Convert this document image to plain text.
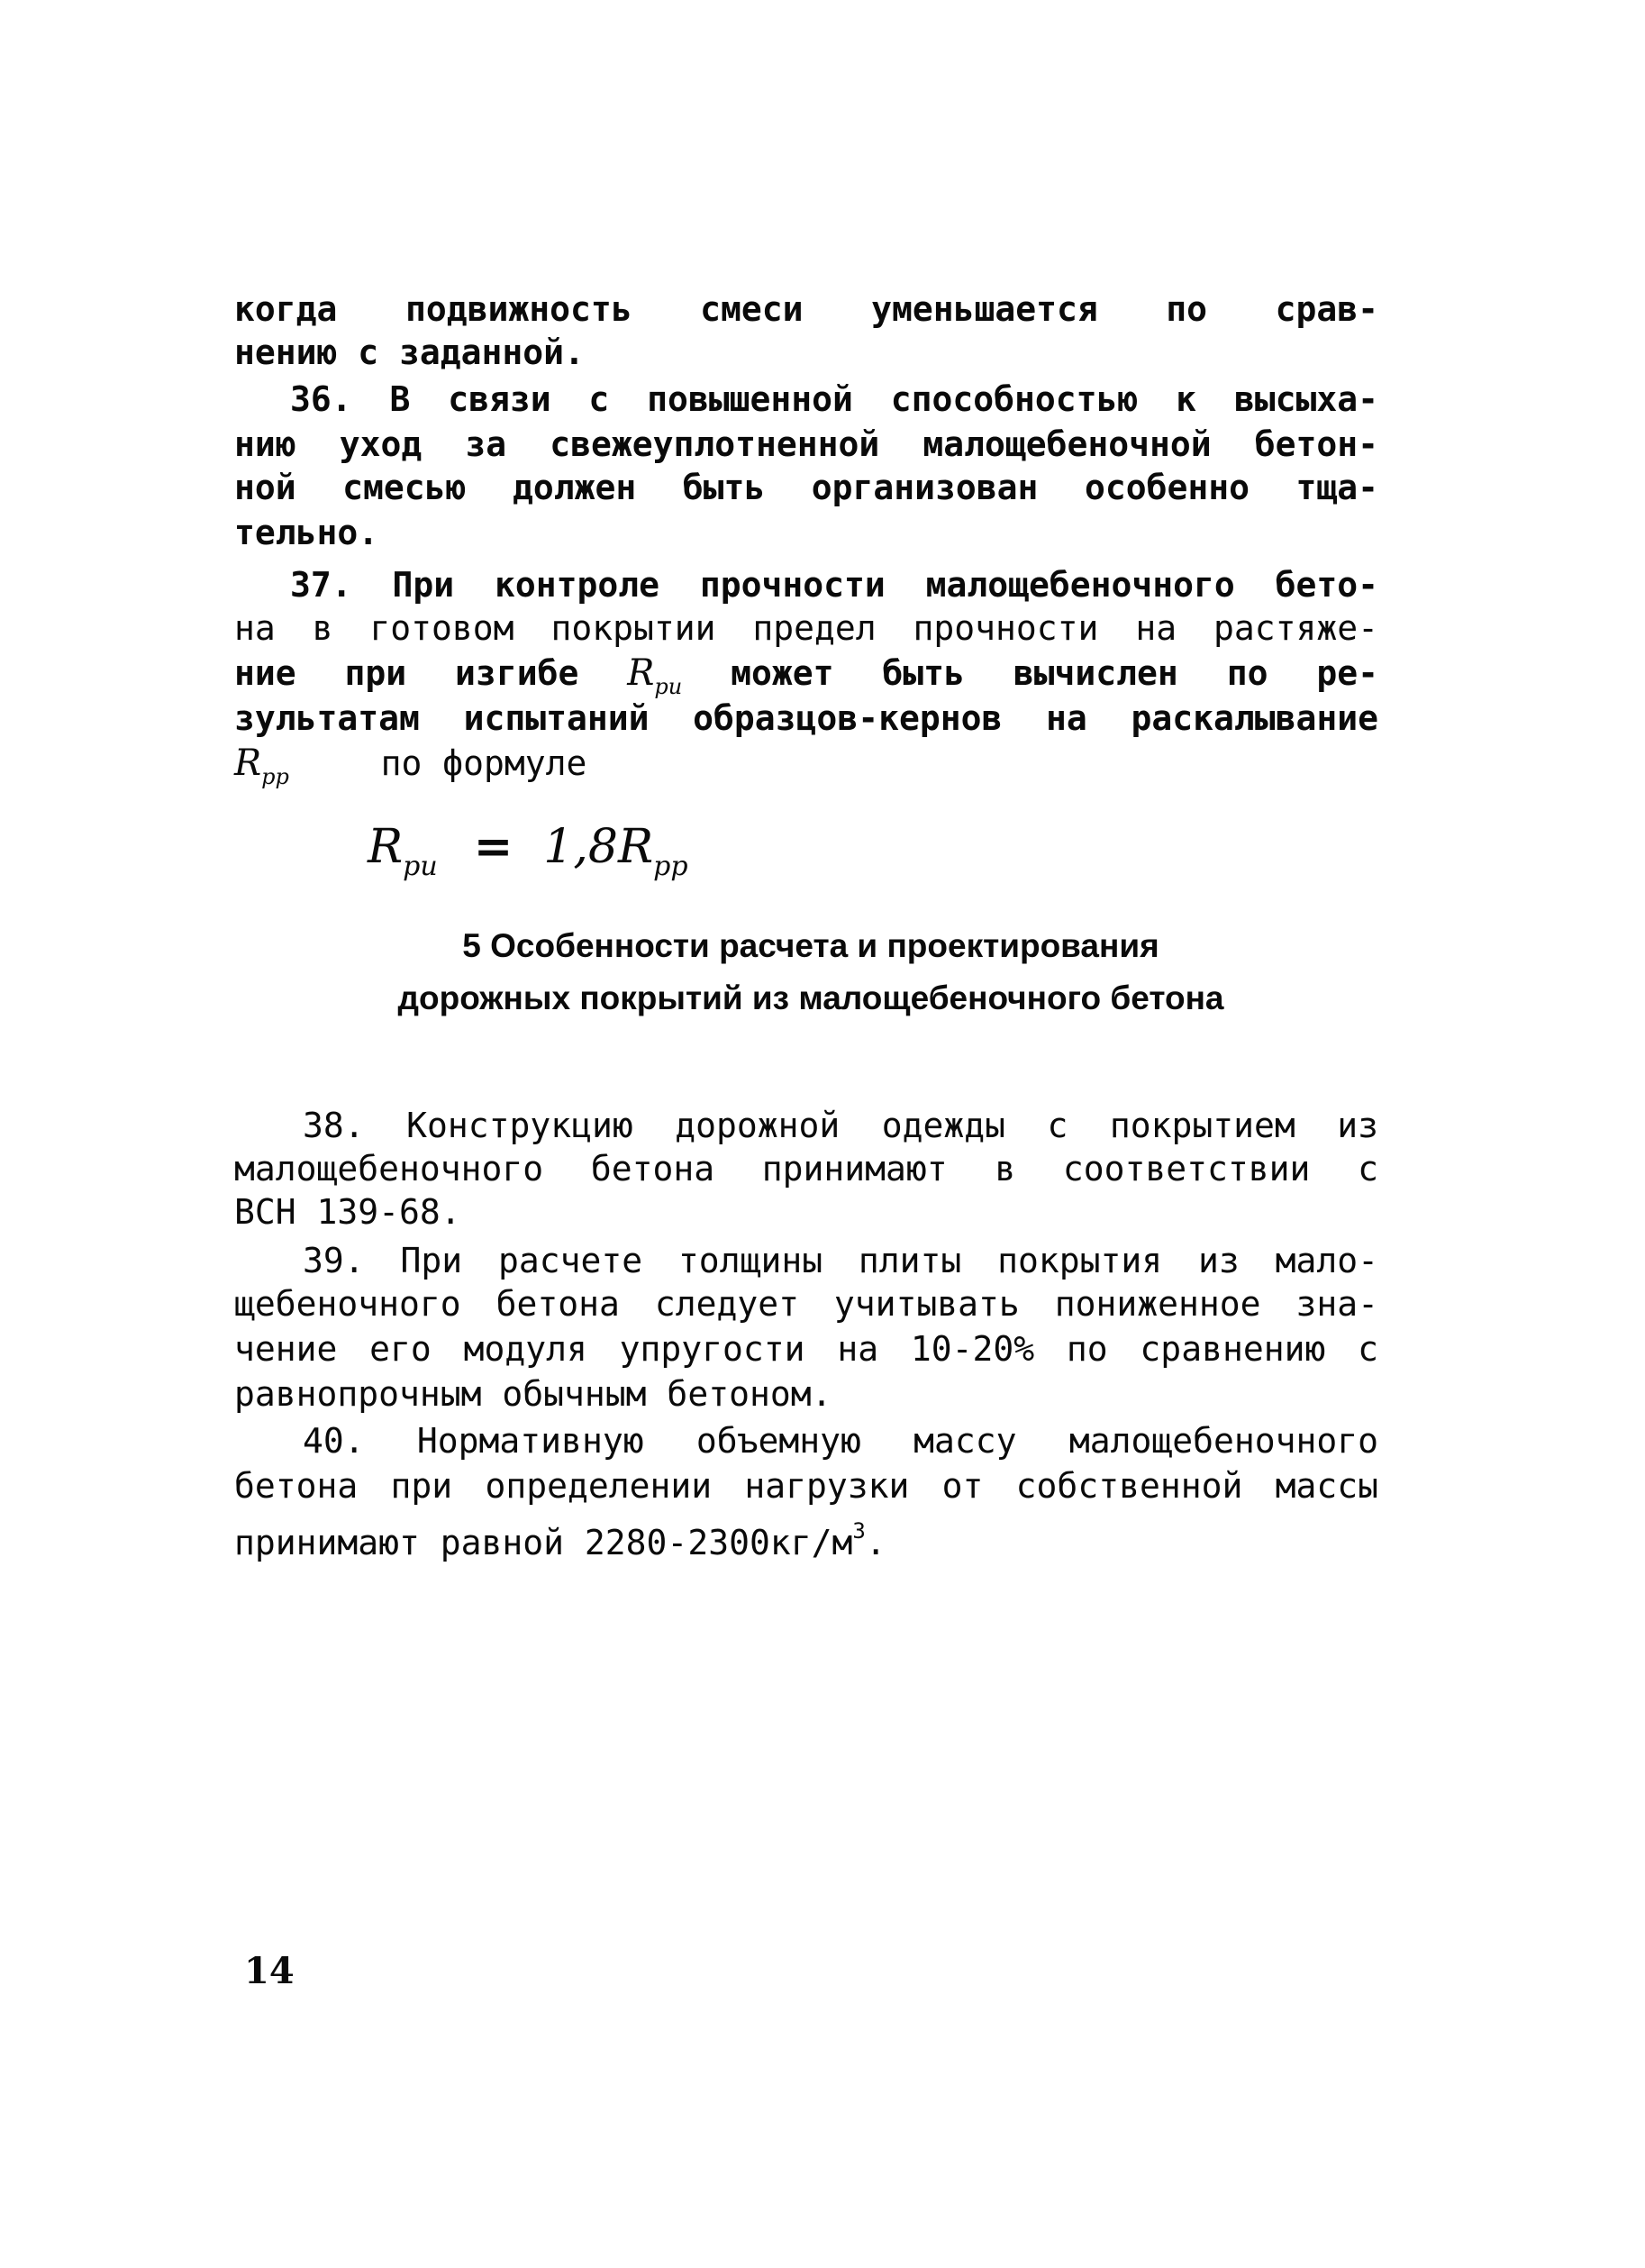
когда подвижность смеси уменьшается по срав-
нению с заданной.
36. В связи с повышенной способностью к высыха-
нию уход за свежеуплотненной малощебеночной бетон-
ной смесью должен быть организован особенно тща-
тельно.
37. При контроле прочности малощебеночного бето-
на в готовом покрытии предел прочности на растяже-
ние при изгибе $R_{ри}$ может быть вычислен по ре-
зультатам испытаний образцов-кернов на раскалывание
$R_{рр}$	по формуле
$R_{ри} = 1,8R_{рр}$
5 Особенности расчета и проектирования
дорожных покрытий из малощебеночного бетона
38. Конструкцию дорожной одежды с покрытием из
малощебеночного бетона принимают в соответствии с
ВСН 139-68.
39. При расчете толщины плиты покрытия из мало-
щебеночного бетона следует учитывать пониженное зна-
чение его модуля упругости на 10-20% по сравнению с
равнопрочным обычным бетоном.
40. Нормативную объемную массу малощебеночного
бетона при определении нагрузки от собственной массы
принимают равной $2280-2300кг/м^3$.
14
